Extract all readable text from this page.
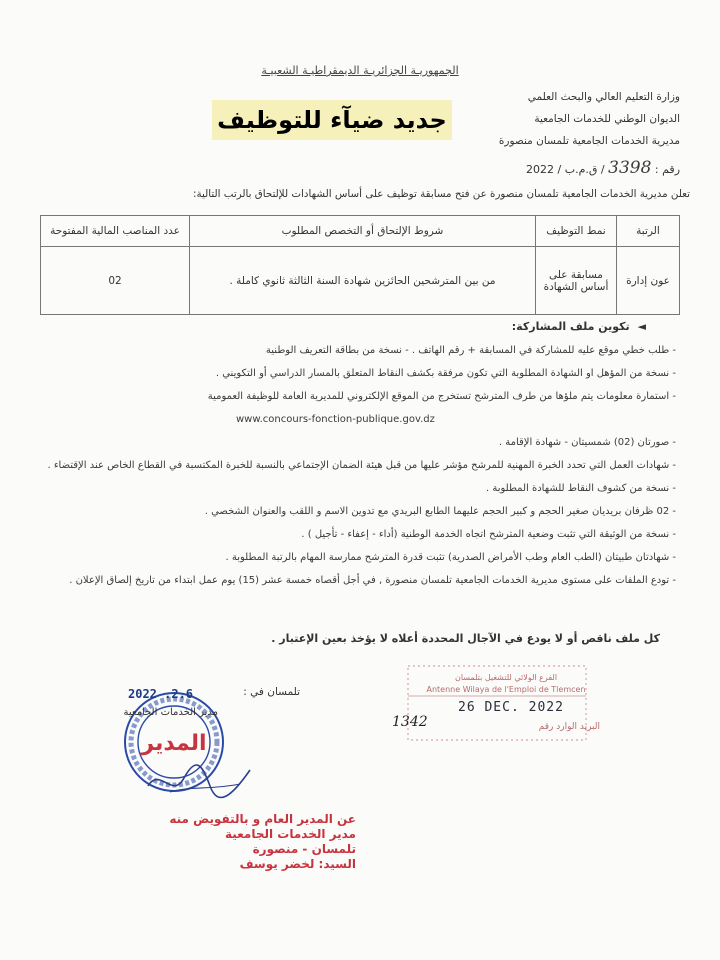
الجمهوريـة الجزائريـة الديمقراطيـة الشعبيـة
وزارة التعليم العالي والبحث العلمي
الديوان الوطني للخدمات الجامعية
مديرية الخدمات الجامعية تلمسان منصورة
جديد ضيآء للتوظيف
رقم : 3398 / ق.م.ب / 2022
تعلن مديرية الخدمات الجامعية تلمسان منصورة عن فتح مسابقة توظيف على أساس الشهادات للإلتحاق بالرتب التالية:
الرتبة	نمط التوظيف	شروط الإلتحاق أو التخصص المطلوب	عدد المناصب المالية المفتوحة
عون إدارة	مسابقة على أساس الشهادة	من بين المترشحين الحائزين شهادة السنة الثالثة ثانوي كاملة .	02
◄ تكوين ملف المشاركة:
- طلب خطي موقع عليه للمشاركة في المسابقة + رقم الهاتف . - نسخة من بطاقة التعريف الوطنية
- نسخة من المؤهل او الشهادة المطلوبة التي تكون مرفقة بكشف النقاط المتعلق بالمسار الدراسي أو التكويني .
- استمارة معلومات يتم ملؤها من طرف المترشح تستخرج من الموقع الإلكتروني للمديرية العامة للوظيفة العمومية
www.concours-fonction-publique.gov.dz
- صورتان (02) شمسيتان - شهادة الإقامة .
- شهادات العمل التي تحدد الخبرة المهنية للمرشح مؤشر عليها من قبل هيئة الضمان الإجتماعي بالنسبة للخبرة المكتسبة في القطاع الخاص عند الإقتضاء .
- نسخة من كشوف النقاط للشهادة المطلوبة .
- 02 ظرفان بريديان صغير الحجم و كبير الحجم عليهما الطابع البريدي مع تدوين الاسم و اللقب والعنوان الشخصي .
- نسخة من الوثيقة التي تثبت وضعية المترشح اتجاه الخدمة الوطنية (أداء - إعفاء - تأجيل ) .
- شهادتان طبيتان (الطب العام وطب الأمراض الصدرية) تثبت قدرة المترشح ممارسة المهام بالرتبة المطلوبة .
- تودع الملفات على مستوى مديرية الخدمات الجامعية تلمسان منصورة , في أجل أقصاه خمسة عشر (15) يوم عمل ابتداء من تاريخ إلصاق الإعلان .
كل ملف ناقص أو لا يودع في الآجال المحددة أعلاه لا يؤخذ بعين الإعتبار .
تلمسان في :
المدير
2022 .2.6
مدير الخدمات الجامعية
الفرع الولائي للتشغيل بتلمسان
Antenne Wilaya de l'Emploi de Tlemcen
26 DEC. 2022
البريد الوارد رقم
1342
عن المدير العام و بالتفويض منه
مدير الخدمات الجامعية
تلمسان - منصورة
السيد: لخضر يوسف
